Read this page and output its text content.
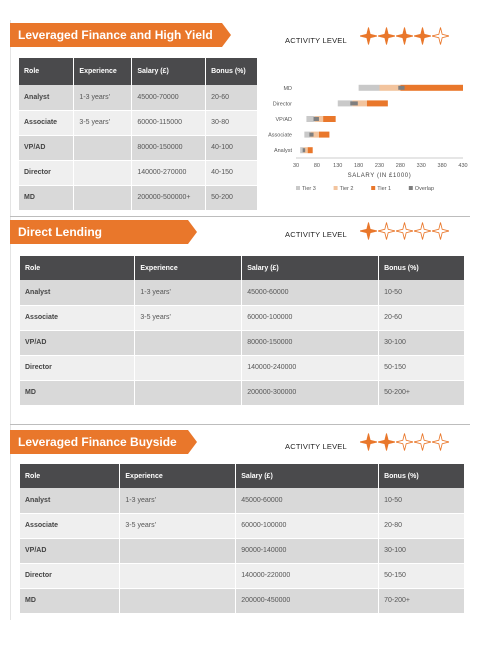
Leveraged Finance and High Yield	ACTIVITY LEVEL
Role	Experience	Salary (£)	Bonus (%)
Analyst	1-3 years'	45000-70000	20-60
Associate	3-5 years'	60000-115000	30-80
VP/AD		80000-150000	40-100
Director		140000-270000	40-150
MD		200000-500000+	50-200
MD
Director
VP/AD
Associate
Analyst
30	80 130 180 230 280 330 380 430
SALARY (IN £1000)
Tier 3	Tier 2	Tier 1	Overlap
Direct Lending	ACTIVITY LEVEL
Role	Experience	Salary (£)	Bonus (%)
Analyst	1-3 years'	45000-60000	10-50
Associate	3-5 years'	60000-100000	20-60
VP/AD		80000-150000	30-100
Director		140000-240000	50-150
MD		200000-300000	50-200+
Leveraged Finance Buyside	ACTIVITY LEVEL
Role	Experience	Salary (£)	Bonus (%)
Analyst	1-3 years'	45000-60000	10-50
Associate	3-5 years'	60000-100000	20-80
VP/AD		90000-140000	30-100
Director		140000-220000	50-150
MD		200000-450000	70-200+
